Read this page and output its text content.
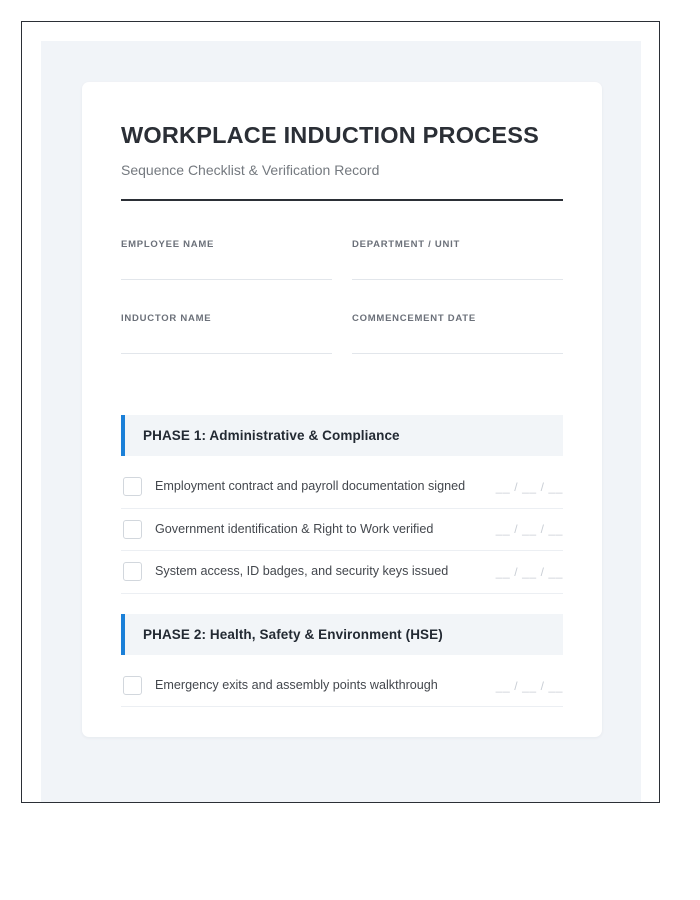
WORKPLACE INDUCTION PROCESS
Sequence Checklist & Verification Record
EMPLOYEE NAME	DEPARTMENT / UNIT
INDUCTOR NAME	COMMENCEMENT DATE
PHASE 1: Administrative & Compliance
Employment contract and payroll documentation signed	__ / __ / __
Government identification & Right to Work verified	__ / __ / __
System access, ID badges, and security keys issued	__ / __ / __
PHASE 2: Health, Safety & Environment (HSE)
Emergency exits and assembly points walkthrough	__ / __ / __
